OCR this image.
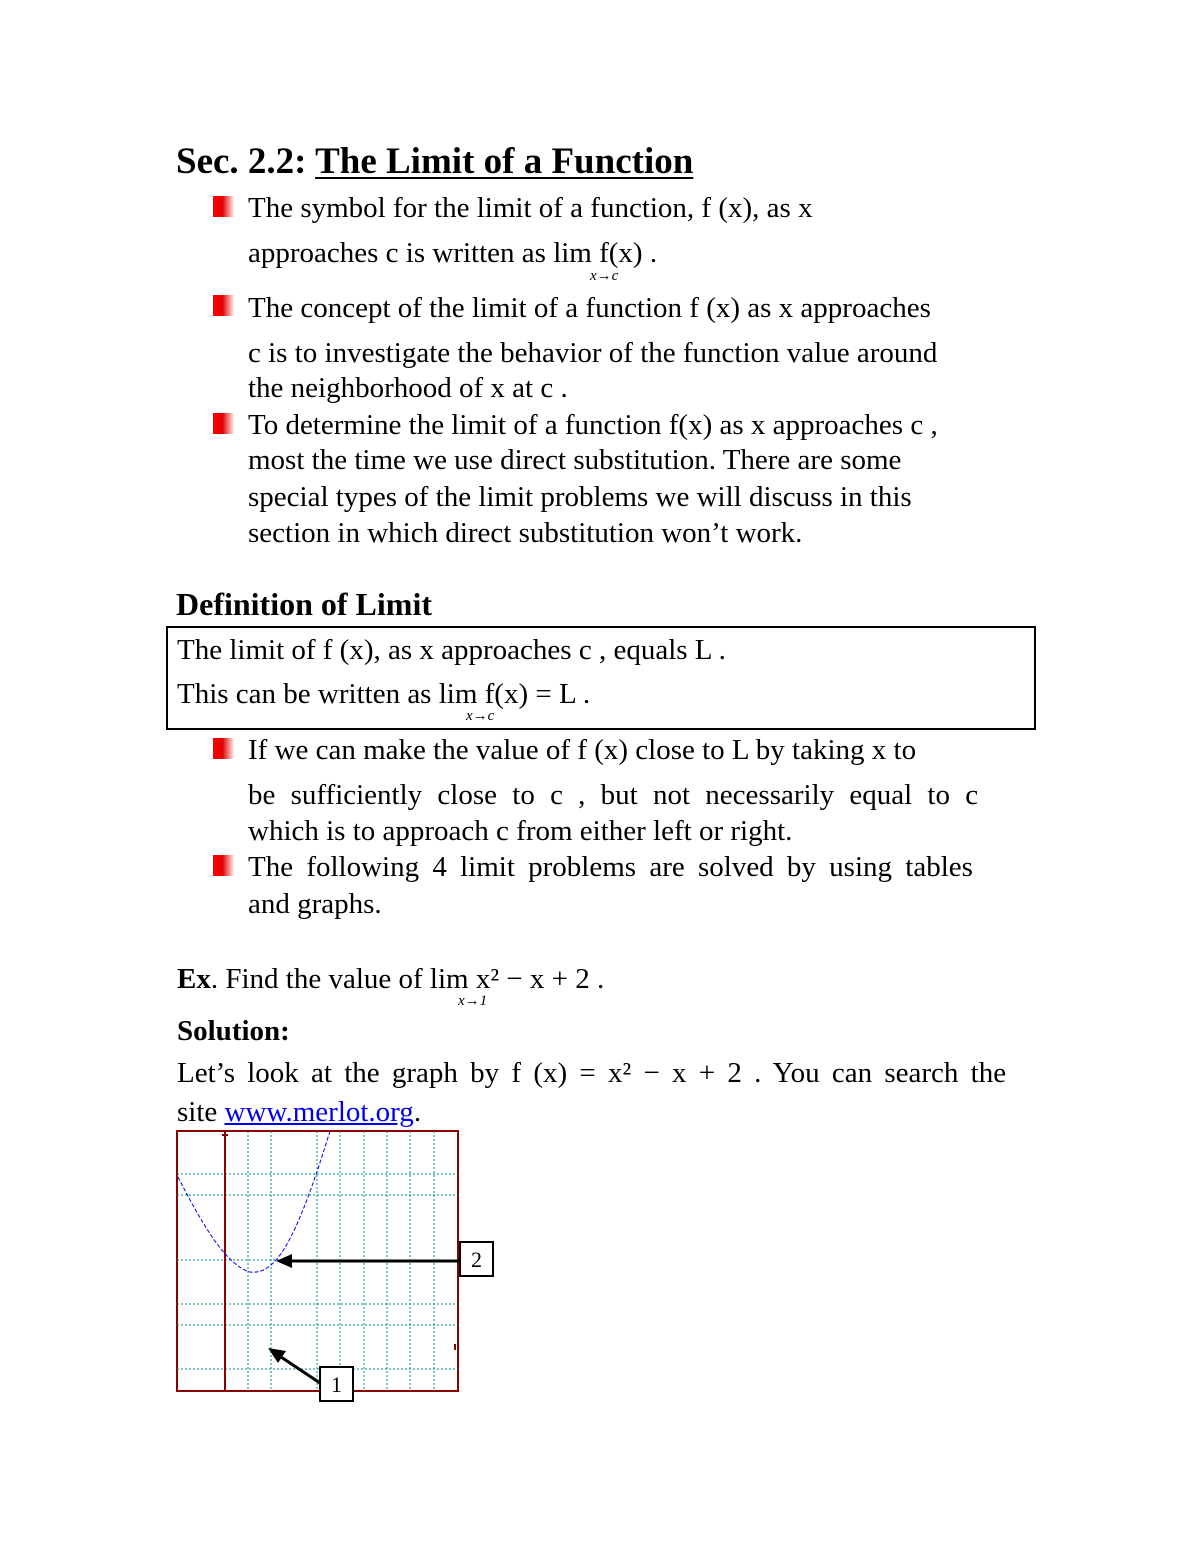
Sec. 2.2: The Limit of a Function
The symbol for the limit of a function, f (x), as x
approaches c is written as lim f(x) .
x→c
The concept of the limit of a function f (x) as x approaches
c is to investigate the behavior of the function value around
the neighborhood of x at c .
To determine the limit of a function f(x) as x approaches c ,
most the time we use direct substitution. There are some
special types of the limit problems we will discuss in this
section in which direct substitution won’t work.
Definition of Limit
The limit of f (x), as x approaches c , equals L .
This can be written as lim f(x) = L .
x→c
If we can make the value of f (x) close to L by taking x to
be sufficiently close to c , but not necessarily equal to c
which is to approach c from either left or right.
The following 4 limit problems are solved by using tables
and graphs.
Ex. Find the value of lim x² − x + 2 .
x→1
Solution:
Let’s look at the graph by f (x) = x² − x + 2 . You can search the
site www.merlot.org.
2
1
